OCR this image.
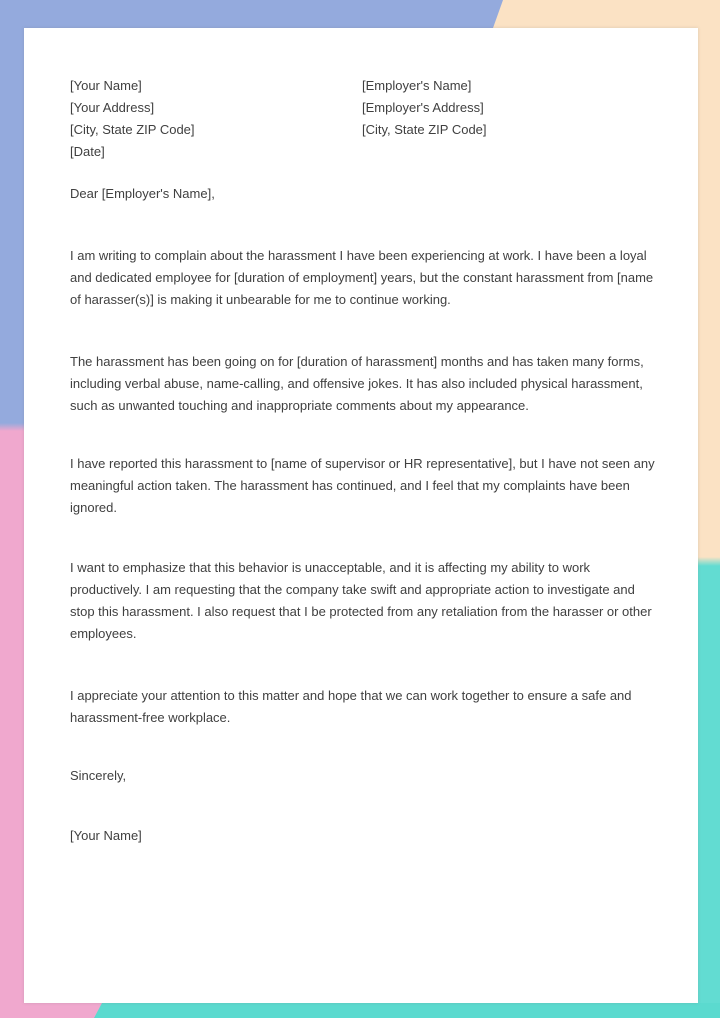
[Your Name]
[Your Address]
[City, State ZIP Code]
[Date]
[Employer's Name]
[Employer's Address]
[City, State ZIP Code]
Dear [Employer's Name],

I am writing to complain about the harassment I have been experiencing at work. I have been a loyal and dedicated employee for [duration of employment] years, but the constant harassment from [name of harasser(s)] is making it unbearable for me to continue working.

The harassment has been going on for [duration of harassment] months and has taken many forms, including verbal abuse, name-calling, and offensive jokes. It has also included physical harassment, such as unwanted touching and inappropriate comments about my appearance.

I have reported this harassment to [name of supervisor or HR representative], but I have not seen any meaningful action taken. The harassment has continued, and I feel that my complaints have been ignored.

I want to emphasize that this behavior is unacceptable, and it is affecting my ability to work productively. I am requesting that the company take swift and appropriate action to investigate and stop this harassment. I also request that I be protected from any retaliation from the harasser or other employees.

I appreciate your attention to this matter and hope that we can work together to ensure a safe and harassment-free workplace.

Sincerely,
[Your Name]
